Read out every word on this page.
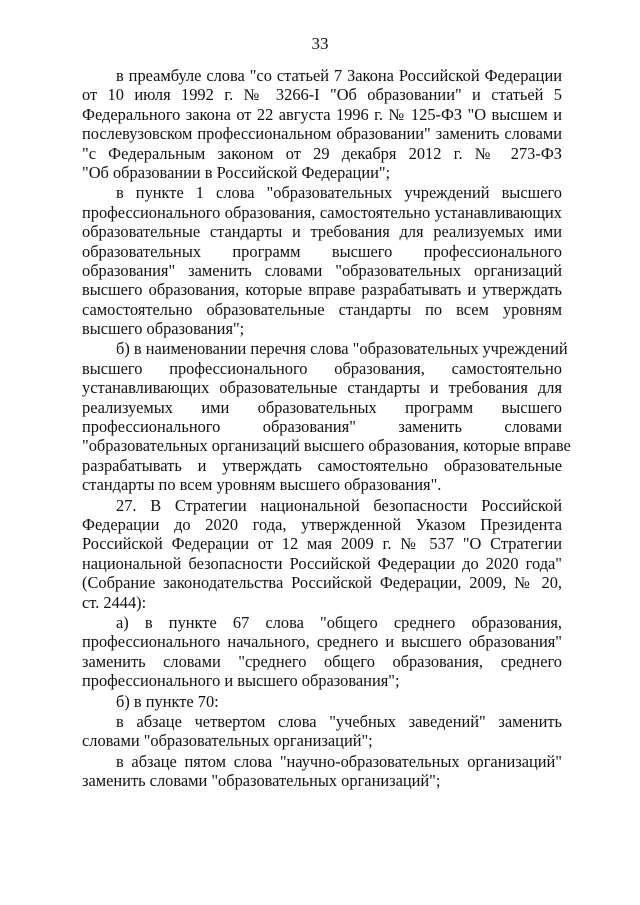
33
в преамбуле слова "со статьей 7 Закона Российской Федерации
от 10 июля 1992 г. № 3266-I "Об образовании" и статьей 5
Федерального закона от 22 августа 1996 г. № 125-ФЗ "О высшем и
послевузовском профессиональном образовании" заменить словами
"с Федеральным законом от 29 декабря 2012 г. № 273-ФЗ
"Об образовании в Российской Федерации";
в пункте 1 слова "образовательных учреждений высшего
профессионального образования, самостоятельно устанавливающих
образовательные стандарты и требования для реализуемых ими
образовательных программ высшего профессионального
образования" заменить словами "образовательных организаций
высшего образования, которые вправе разрабатывать и утверждать
самостоятельно образовательные стандарты по всем уровням
высшего образования";
б) в наименовании перечня слова "образовательных учреждений
высшего профессионального образования, самостоятельно
устанавливающих образовательные стандарты и требования для
реализуемых ими образовательных программ высшего
профессионального образования" заменить словами
"образовательных организаций высшего образования, которые вправе
разрабатывать и утверждать самостоятельно образовательные
стандарты по всем уровням высшего образования".
27. В Стратегии национальной безопасности Российской
Федерации до 2020 года, утвержденной Указом Президента
Российской Федерации от 12 мая 2009 г. № 537 "О Стратегии
национальной безопасности Российской Федерации до 2020 года"
(Собрание законодательства Российской Федерации, 2009, № 20,
ст. 2444):
а) в пункте 67 слова "общего среднего образования,
профессионального начального, среднего и высшего образования"
заменить словами "среднего общего образования, среднего
профессионального и высшего образования";
б) в пункте 70:
в абзаце четвертом слова "учебных заведений" заменить
словами "образовательных организаций";
в абзаце пятом слова "научно-образовательных организаций"
заменить словами "образовательных организаций";
